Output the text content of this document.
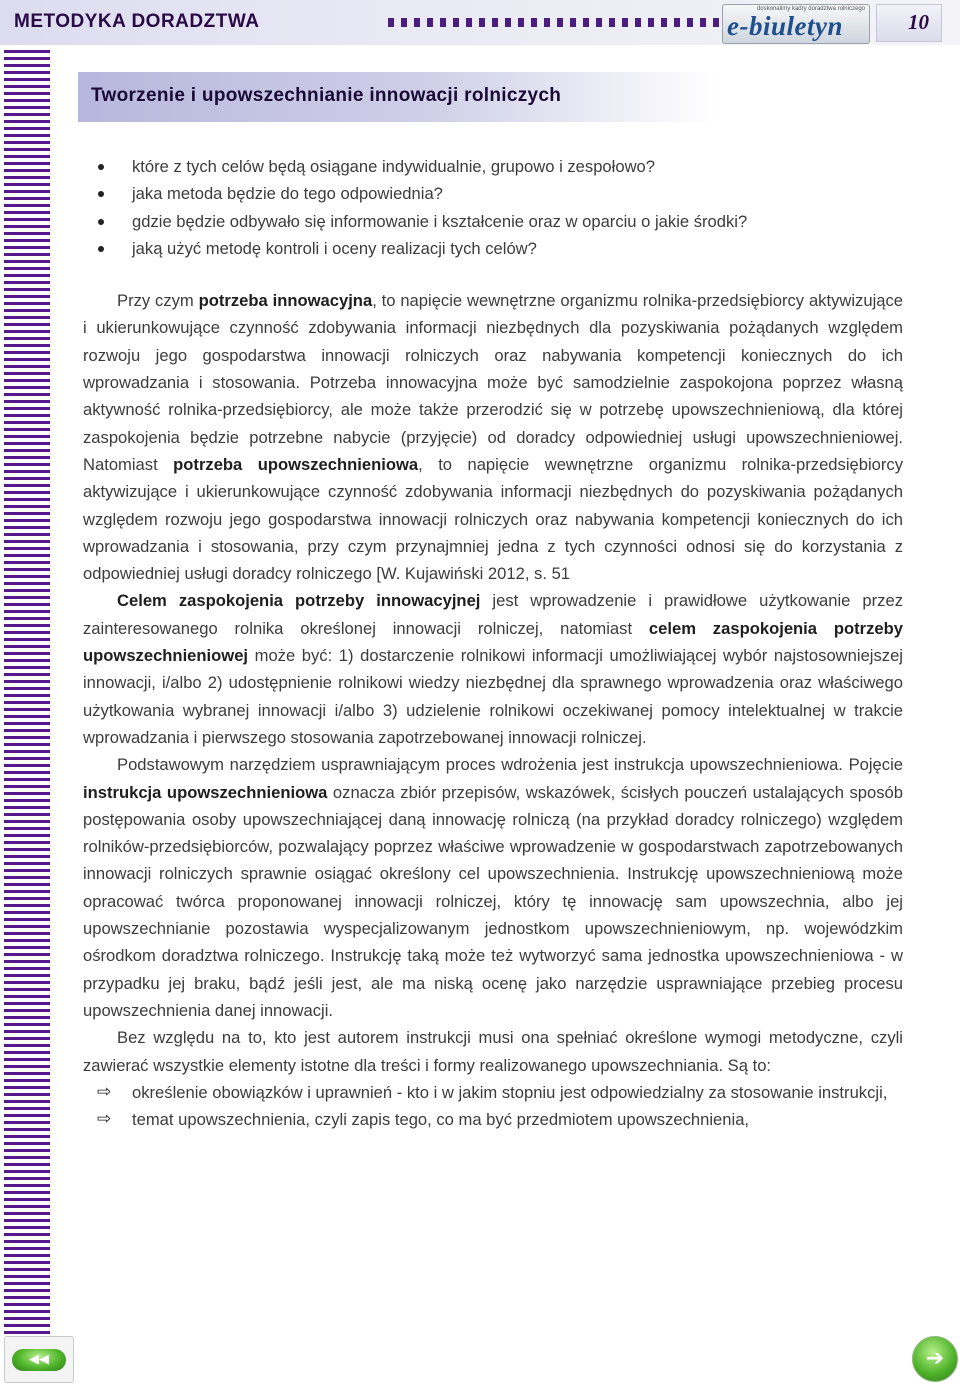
METODYKA DORADZTWA
doskonalimy kadry doradztwa rolniczego
e-biuletyn	10
Tworzenie i upowszechnianie innowacji rolniczych
które z tych celów będą osiągane indywidualnie, grupowo i zespołowo?
jaka metoda będzie do tego odpowiednia?
gdzie będzie odbywało się informowanie i kształcenie oraz w oparciu o jakie środki?
jaką użyć metodę kontroli i oceny realizacji tych celów?

Przy czym potrzeba innowacyjna, to napięcie wewnętrzne organizmu rolnika-przedsiębiorcy aktywizujące i ukierunkowujące czynność zdobywania informacji niezbędnych dla pozyskiwania pożądanych względem rozwoju jego gospodarstwa innowacji rolniczych oraz nabywania kompetencji koniecznych do ich wprowadzania i stosowania. Potrzeba innowacyjna może być samodzielnie zaspokojona poprzez własną aktywność rolnika-przedsiębiorcy, ale może także przerodzić się w potrzebę upowszechnieniową, dla której zaspokojenia będzie potrzebne nabycie (przyjęcie) od doradcy odpowiedniej usługi upowszechnieniowej. Natomiast potrzeba upowszechnieniowa, to napięcie wewnętrzne organizmu rolnika-przedsiębiorcy aktywizujące i ukierunkowujące czynność zdobywania informacji niezbędnych do pozyskiwania pożądanych względem rozwoju jego gospodarstwa innowacji rolniczych oraz nabywania kompetencji koniecznych do ich wprowadzania i stosowania, przy czym przynajmniej jedna z tych czynności odnosi się do korzystania z odpowiedniej usługi doradcy rolniczego [W. Kujawiński 2012, s. 51

Celem zaspokojenia potrzeby innowacyjnej jest wprowadzenie i prawidłowe użytkowanie przez zainteresowanego rolnika określonej innowacji rolniczej, natomiast celem zaspokojenia potrzeby upowszechnieniowej może być: 1) dostarczenie rolnikowi informacji umożliwiającej wybór najstosowniejszej innowacji, i/albo 2) udostępnienie rolnikowi wiedzy niezbędnej dla sprawnego wprowadzenia oraz właściwego użytkowania wybranej innowacji i/albo 3) udzielenie rolnikowi oczekiwanej pomocy intelektualnej w trakcie wprowadzania i pierwszego stosowania zapotrzebowanej innowacji rolniczej.

Podstawowym narzędziem usprawniającym proces wdrożenia jest instrukcja upowszechnieniowa. Pojęcie instrukcja upowszechnieniowa oznacza zbiór przepisów, wskazówek, ścisłych pouczeń ustalających sposób postępowania osoby upowszechniającej daną innowację rolniczą (na przykład doradcy rolniczego) względem rolników-przedsiębiorców, pozwalający poprzez właściwe wprowadzenie w gospodarstwach zapotrzebowanych innowacji rolniczych sprawnie osiągać określony cel upowszechnienia. Instrukcję upowszechnieniową może opracować twórca proponowanej innowacji rolniczej, który tę innowację sam upowszechnia, albo jej upowszechnianie pozostawia wyspecjalizowanym jednostkom upowszechnieniowym, np. wojewódzkim ośrodkom doradztwa rolniczego. Instrukcję taką może też wytworzyć sama jednostka upowszechnieniowa - w przypadku jej braku, bądź jeśli jest, ale ma niską ocenę jako narzędzie usprawniające przebieg procesu upowszechnienia danej innowacji.

Bez względu na to, kto jest autorem instrukcji musi ona spełniać określone wymogi metodyczne, czyli zawierać wszystkie elementy istotne dla treści i formy realizowanego upowszechniania. Są to:

⇨ określenie obowiązków i uprawnień - kto i w jakim stopniu jest odpowiedzialny za stosowanie instrukcji,
⇨ temat upowszechnienia, czyli zapis tego, co ma być przedmiotem upowszechnienia,
◀◀	➔
